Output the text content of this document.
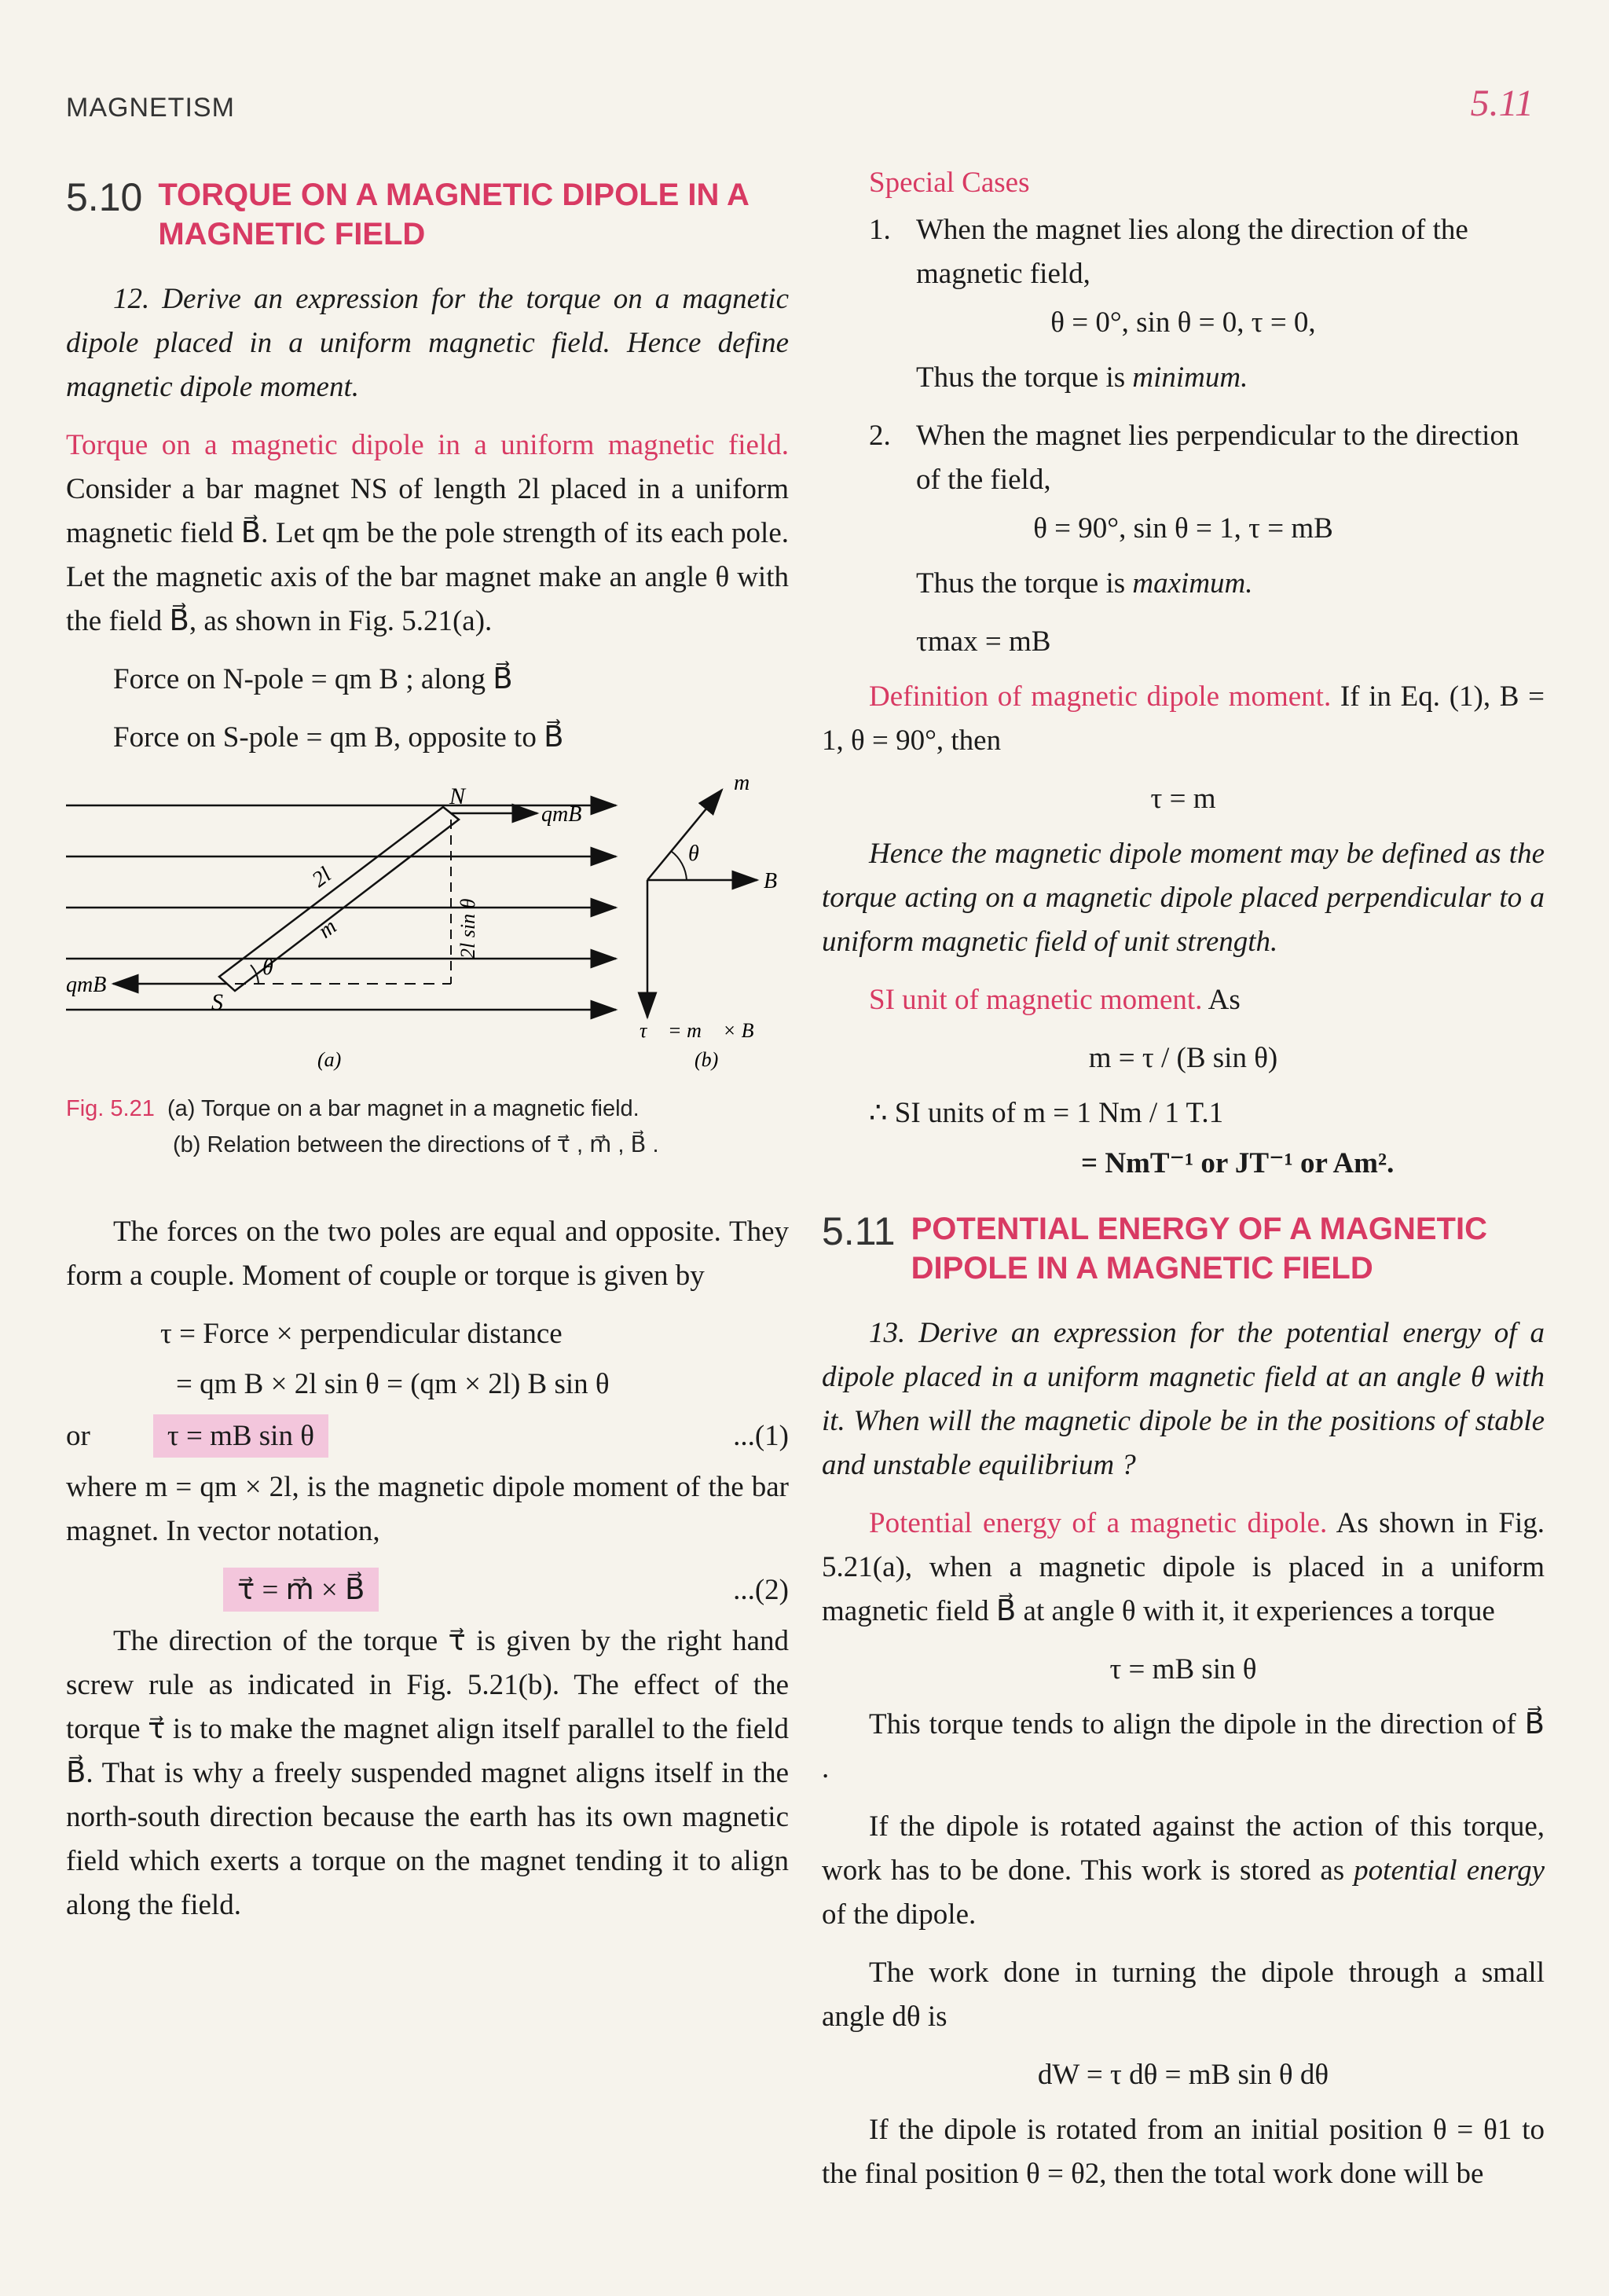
MAGNETISM	5.11
5.10 TORQUE ON A MAGNETIC DIPOLE IN A MAGNETIC FIELD

12. Derive an expression for the torque on a magnetic dipole placed in a uniform magnetic field. Hence define magnetic dipole moment.

Torque on a magnetic dipole in a uniform magnetic field. Consider a bar magnet NS of length 2l placed in a uniform magnetic field B⃗. Let qm be the pole strength of its each pole. Let the magnetic axis of the bar magnet make an angle θ with the field B⃗, as shown in Fig. 5.21(a).

Force on N-pole = qm B ; along B⃗

Force on S-pole = qm B, opposite to B⃗

N
S
qmB
qmB
2l
m
θ
2l sin θ
(a)
m
θ
B
τ⃗ = m⃗ × B⃗
(b)
Fig. 5.21 (a) Torque on a bar magnet in a magnetic field.
(b) Relation between the directions of τ⃗ , m⃗ , B⃗ .

The forces on the two poles are equal and opposite. They form a couple. Moment of couple or torque is given by

τ = Force × perpendicular distance
= qm B × 2l sin θ = (qm × 2l) B sin θ
or	τ = mB sin θ	...(1)

where m = qm × 2l, is the magnetic dipole moment of the bar magnet. In vector notation,

τ⃗ = m⃗ × B⃗	...(2)

The direction of the torque τ⃗ is given by the right hand screw rule as indicated in Fig. 5.21(b). The effect of the torque τ⃗ is to make the magnet align itself parallel to the field B⃗. That is why a freely suspended magnet aligns itself in the north-south direction because the earth has its own magnetic field which exerts a torque on the magnet tending it to align along the field.

Special Cases

1. When the magnet lies along the direction of the magnetic field,
θ = 0°, sin θ = 0, τ = 0,

Thus the torque is minimum.

2. When the magnet lies perpendicular to the direction of the field,
θ = 90°, sin θ = 1, τ = mB

Thus the torque is maximum.

τmax = mB

Definition of magnetic dipole moment. If in Eq. (1), B = 1, θ = 90°, then

τ = m

Hence the magnetic dipole moment may be defined as the torque acting on a magnetic dipole placed perpendicular to a uniform magnetic field of unit strength.

SI unit of magnetic moment. As

m = τ / (B sin θ)
∴ SI units of m = 1 Nm / 1 T.1
= NmT⁻¹ or JT⁻¹ or Am².
5.11 POTENTIAL ENERGY OF A MAGNETIC DIPOLE IN A MAGNETIC FIELD

13. Derive an expression for the potential energy of a dipole placed in a uniform magnetic field at an angle θ with it. When will the magnetic dipole be in the positions of stable and unstable equilibrium ?

Potential energy of a magnetic dipole. As shown in Fig. 5.21(a), when a magnetic dipole is placed in a uniform magnetic field B⃗ at angle θ with it, it experiences a torque

τ = mB sin θ

This torque tends to align the dipole in the direction of B⃗ .

If the dipole is rotated against the action of this torque, work has to be done. This work is stored as potential energy of the dipole.

The work done in turning the dipole through a small angle dθ is

dW = τ dθ = mB sin θ dθ

If the dipole is rotated from an initial position θ = θ1 to the final position θ = θ2, then the total work done will be
